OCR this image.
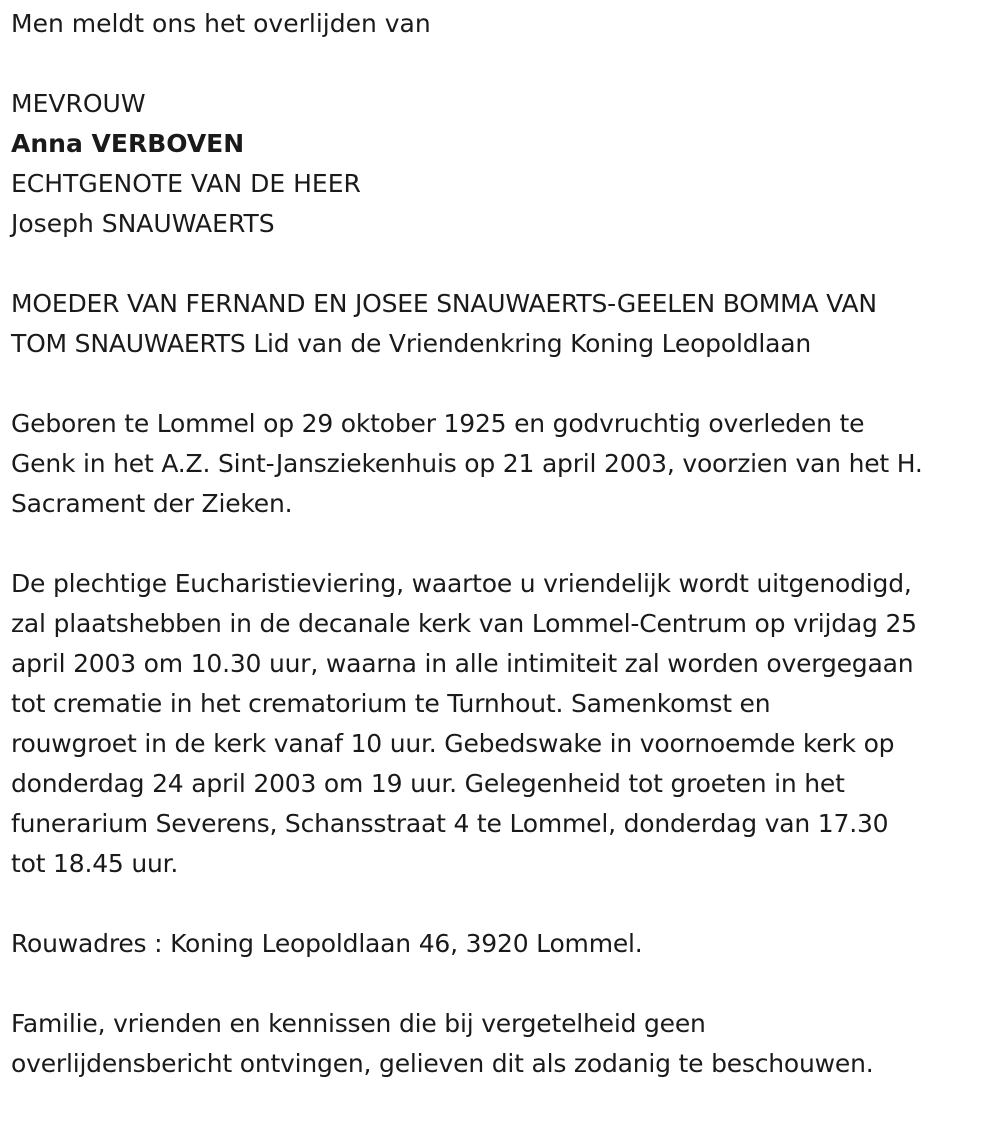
Men meldt ons het overlijden van
MEVROUW
Anna VERBOVEN
ECHTGENOTE VAN DE HEER
Joseph SNAUWAERTS
MOEDER VAN FERNAND EN JOSEE SNAUWAERTS-GEELEN BOMMA VAN
TOM SNAUWAERTS Lid van de Vriendenkring Koning Leopoldlaan
Geboren te Lommel op 29 oktober 1925 en godvruchtig overleden te
Genk in het A.Z. Sint-Jansziekenhuis op 21 april 2003, voorzien van het H.
Sacrament der Zieken.
De plechtige Eucharistieviering, waartoe u vriendelijk wordt uitgenodigd,
zal plaatshebben in de decanale kerk van Lommel-Centrum op vrijdag 25
april 2003 om 10.30 uur, waarna in alle intimiteit zal worden overgegaan
tot crematie in het crematorium te Turnhout. Samenkomst en
rouwgroet in de kerk vanaf 10 uur. Gebedswake in voornoemde kerk op
donderdag 24 april 2003 om 19 uur. Gelegenheid tot groeten in het
funerarium Severens, Schansstraat 4 te Lommel, donderdag van 17.30
tot 18.45 uur.
Rouwadres : Koning Leopoldlaan 46, 3920 Lommel.
Familie, vrienden en kennissen die bij vergetelheid geen
overlijdensbericht ontvingen, gelieven dit als zodanig te beschouwen.
